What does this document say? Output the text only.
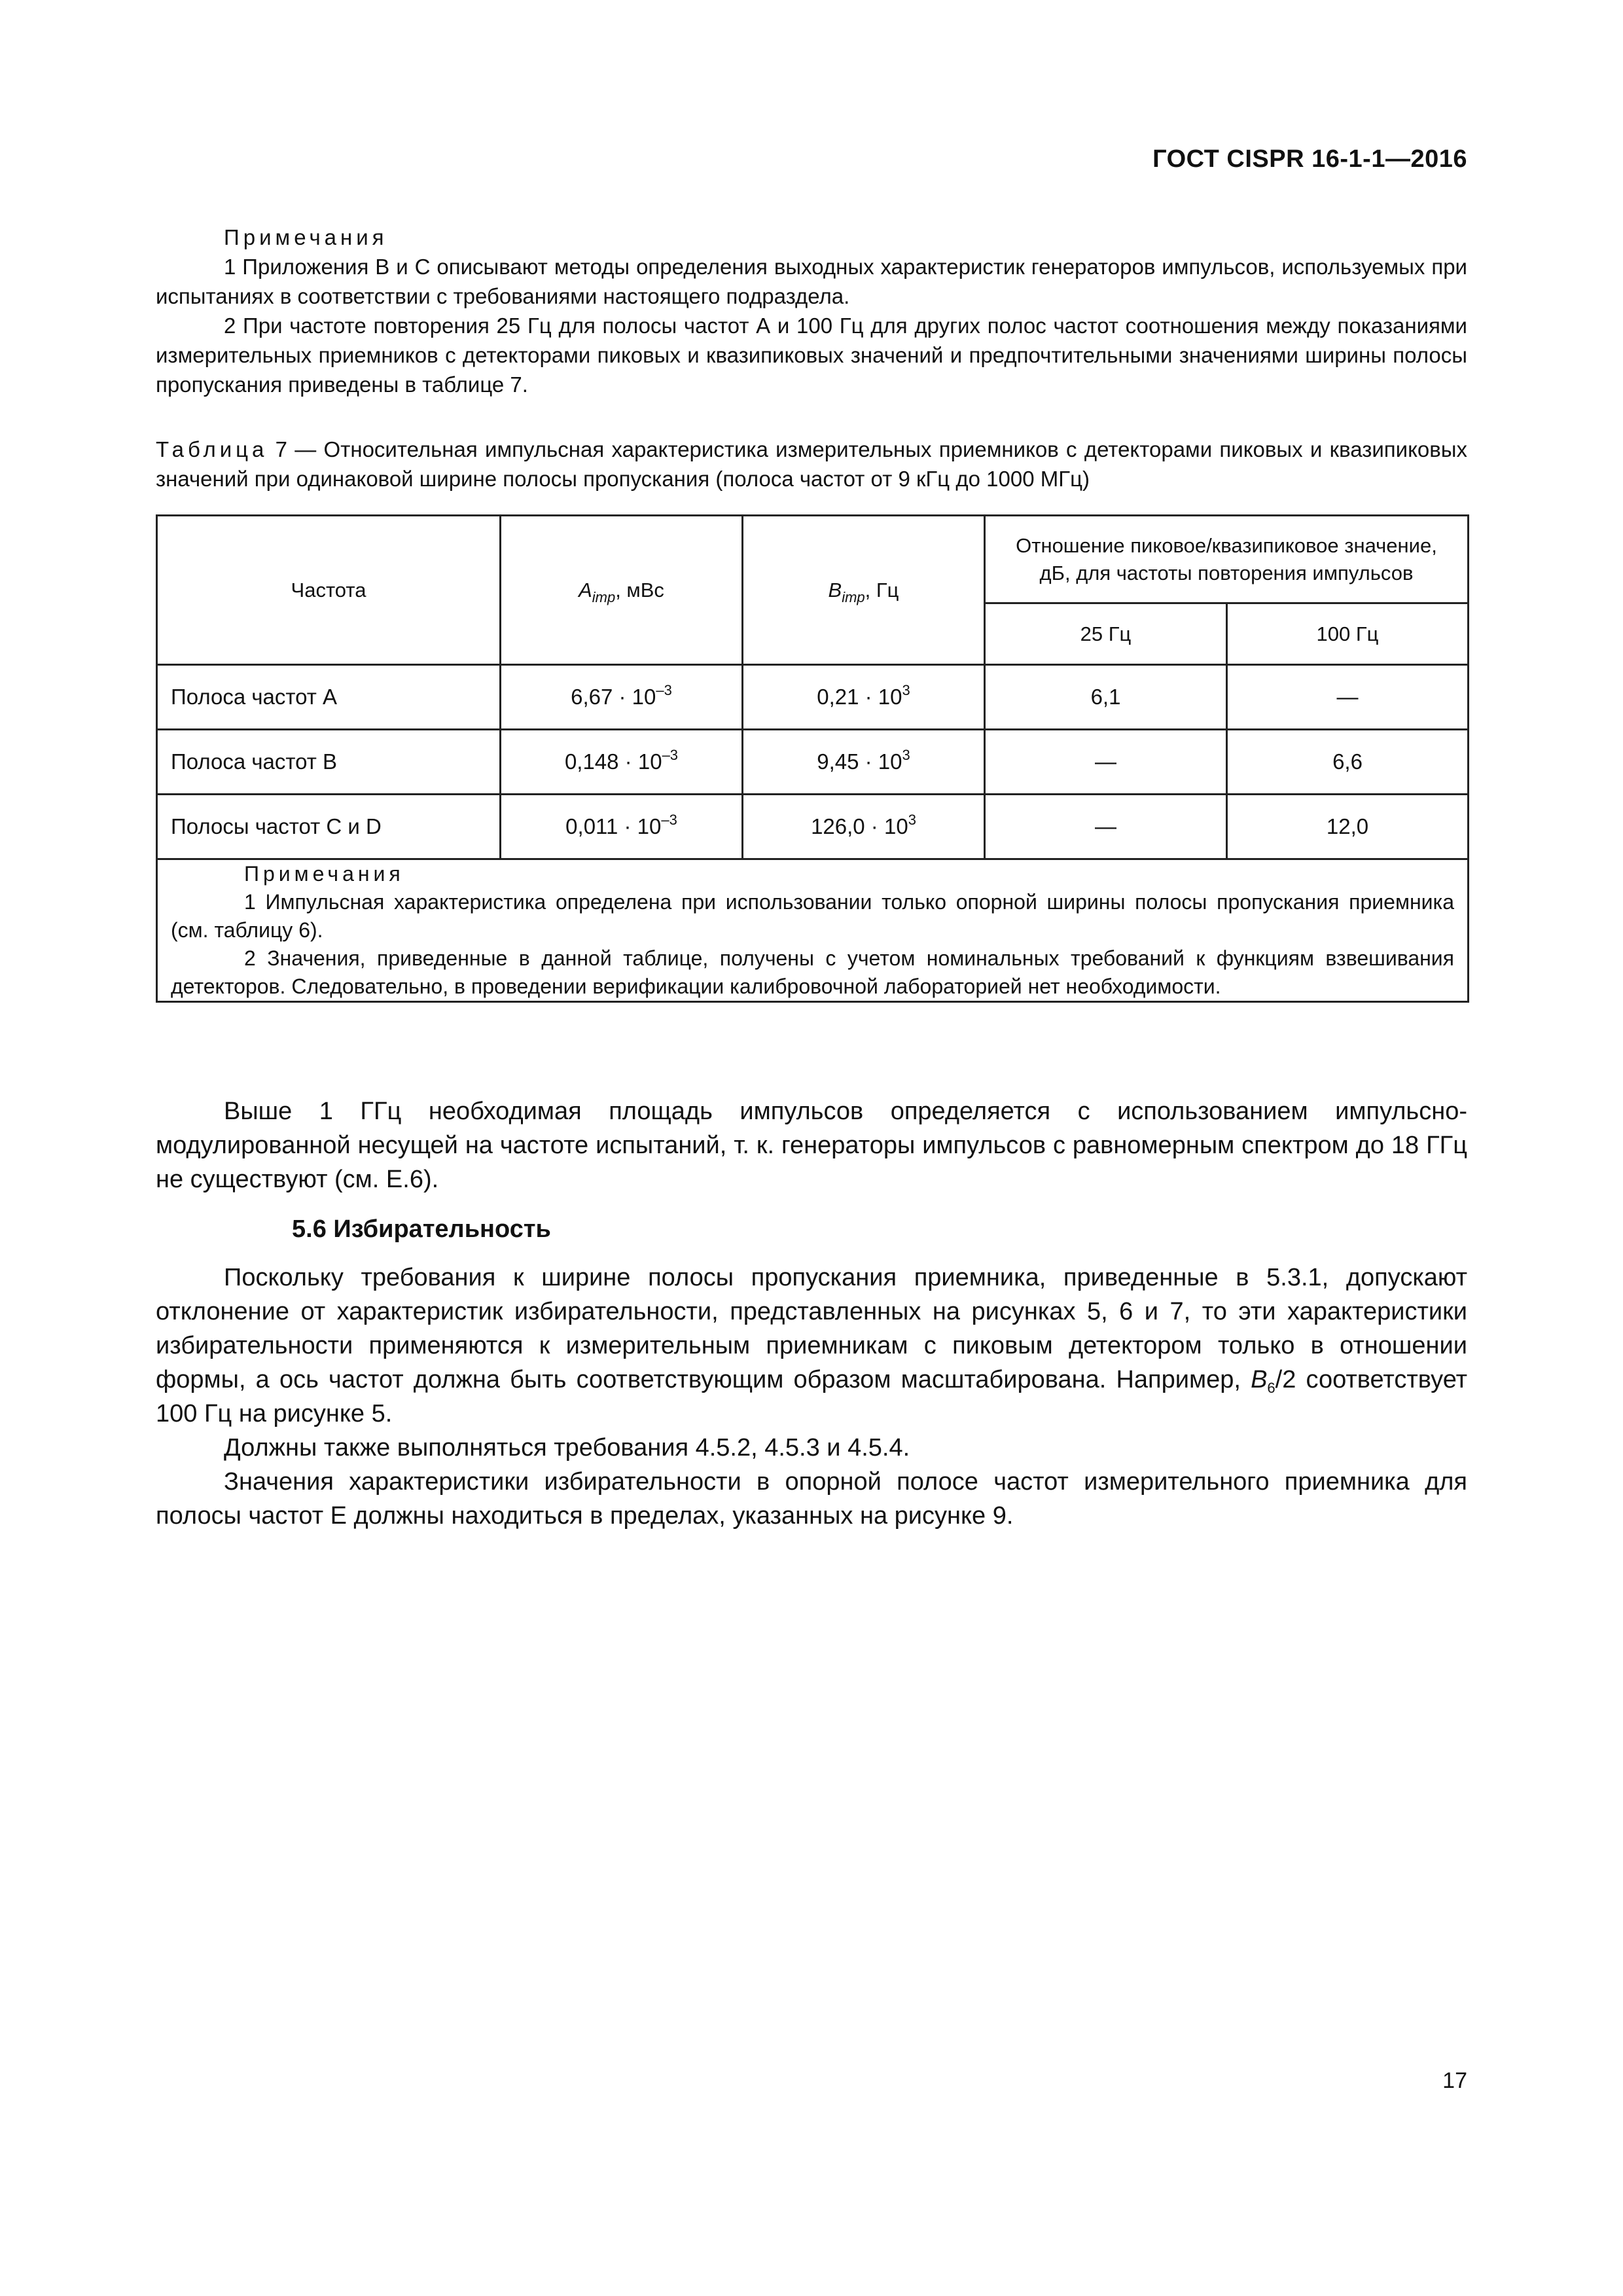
ГОСТ CISPR 16-1-1—2016

Примечания

1 Приложения В и С описывают методы определения выходных характеристик генераторов импульсов, используемых при испытаниях в соответствии с требованиями настоящего подраздела.

2 При частоте повторения 25 Гц для полосы частот А и 100 Гц для других полос частот соотношения между показаниями измерительных приемников с детекторами пиковых и квазипиковых значений и предпочтительными значениями ширины полосы пропускания приведены в таблице 7.

Таблица 7 — Относительная импульсная характеристика измерительных приемников с детекторами пиковых и квазипиковых значений при одинаковой ширине полосы пропускания (полоса частот от 9 кГц до 1000 МГц)

Частота	$A_{imp}$, мВс	$B_{imp}$, Гц	Отношение пиковое/квазипиковое значение, дБ, для частоты повторения импульсов	
			25 Гц	100 Гц
Полоса частот А	$6,67 \cdot 10^{-3}$	$0,21 \cdot 10^3$	6,1	—
Полоса частот В	$0,148 \cdot 10^{-3}$	$9,45 \cdot 10^3$	—	6,6
Полосы частот С и D	$0,011 \cdot 10^{-3}$	$126,0 \cdot 10^3$	—	12,0

Примечания

1 Импульсная характеристика определена при использовании только опорной ширины полосы пропускания приемника (см. таблицу 6).

2 Значения, приведенные в данной таблице, получены с учетом номинальных требований к функциям взвешивания детекторов. Следовательно, в проведении верификации калибровочной лабораторией нет необходимости.				

Выше 1 ГГц необходимая площадь импульсов определяется с использованием импульсно-модулированной несущей на частоте испытаний, т. к. генераторы импульсов с равномерным спектром до 18 ГГц не существуют (см. Е.6).

5.6 Избирательность

Поскольку требования к ширине полосы пропускания приемника, приведенные в 5.3.1, допускают отклонение от характеристик избирательности, представленных на рисунках 5, 6 и 7, то эти характеристики избирательности применяются к измерительным приемникам с пиковым детектором только в отношении формы, а ось частот должна быть соответствующим образом масштабирована. Например, $B_6/2$ соответствует 100 Гц на рисунке 5.

Должны также выполняться требования 4.5.2, 4.5.3 и 4.5.4.

Значения характеристики избирательности в опорной полосе частот измерительного приемника для полосы частот Е должны находиться в пределах, указанных на рисунке 9.

17
